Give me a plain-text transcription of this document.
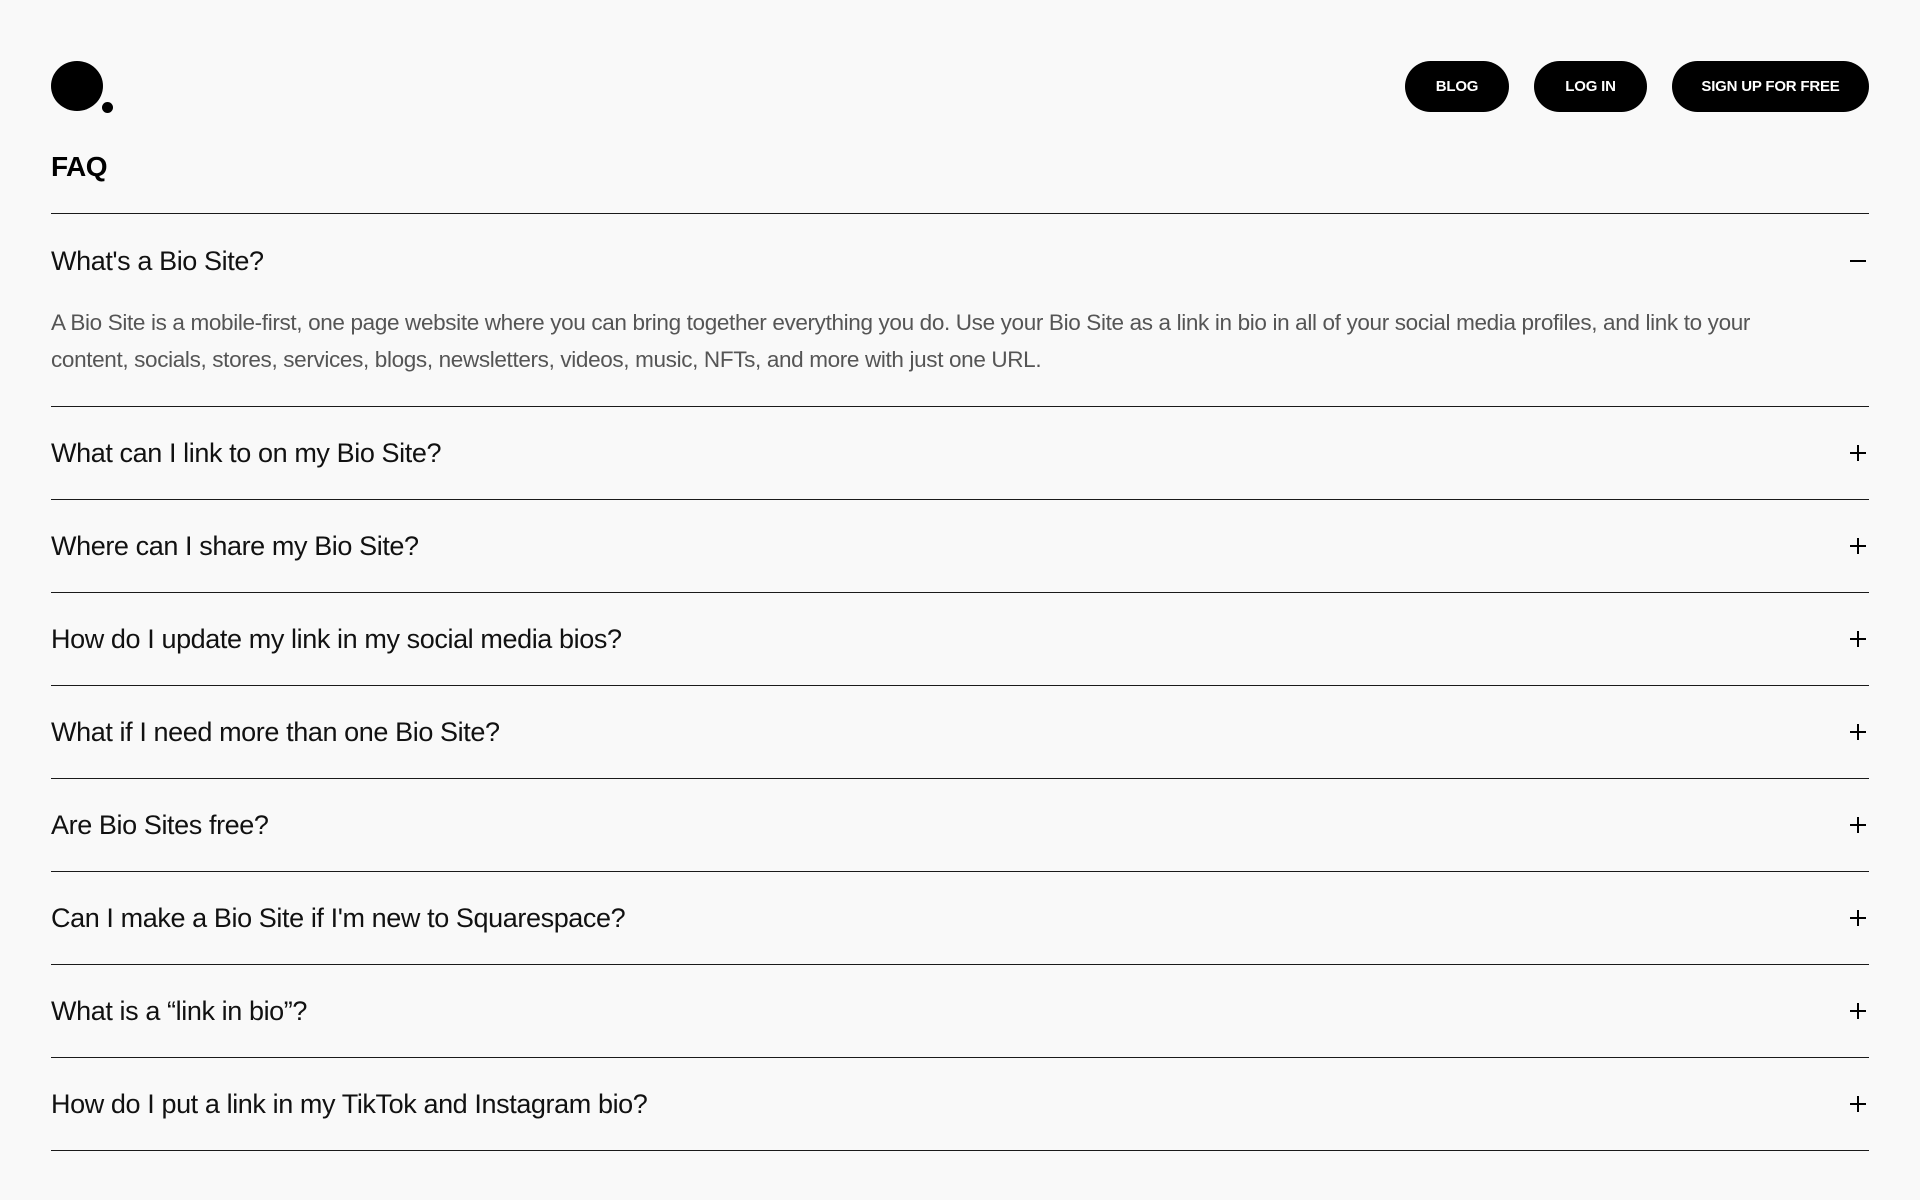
BLOG	LOG IN	SIGN UP FOR FREE
FAQ
What's a Bio Site?
A Bio Site is a mobile-first, one page website where you can bring together everything you do. Use your Bio Site as a link in bio in all of your social media profiles, and link to your content, socials, stores, services, blogs, newsletters, videos, music, NFTs, and more with just one URL.
What can I link to on my Bio Site?
Where can I share my Bio Site?
How do I update my link in my social media bios?
What if I need more than one Bio Site?
Are Bio Sites free?
Can I make a Bio Site if I'm new to Squarespace?
What is a “link in bio”?
How do I put a link in my TikTok and Instagram bio?
